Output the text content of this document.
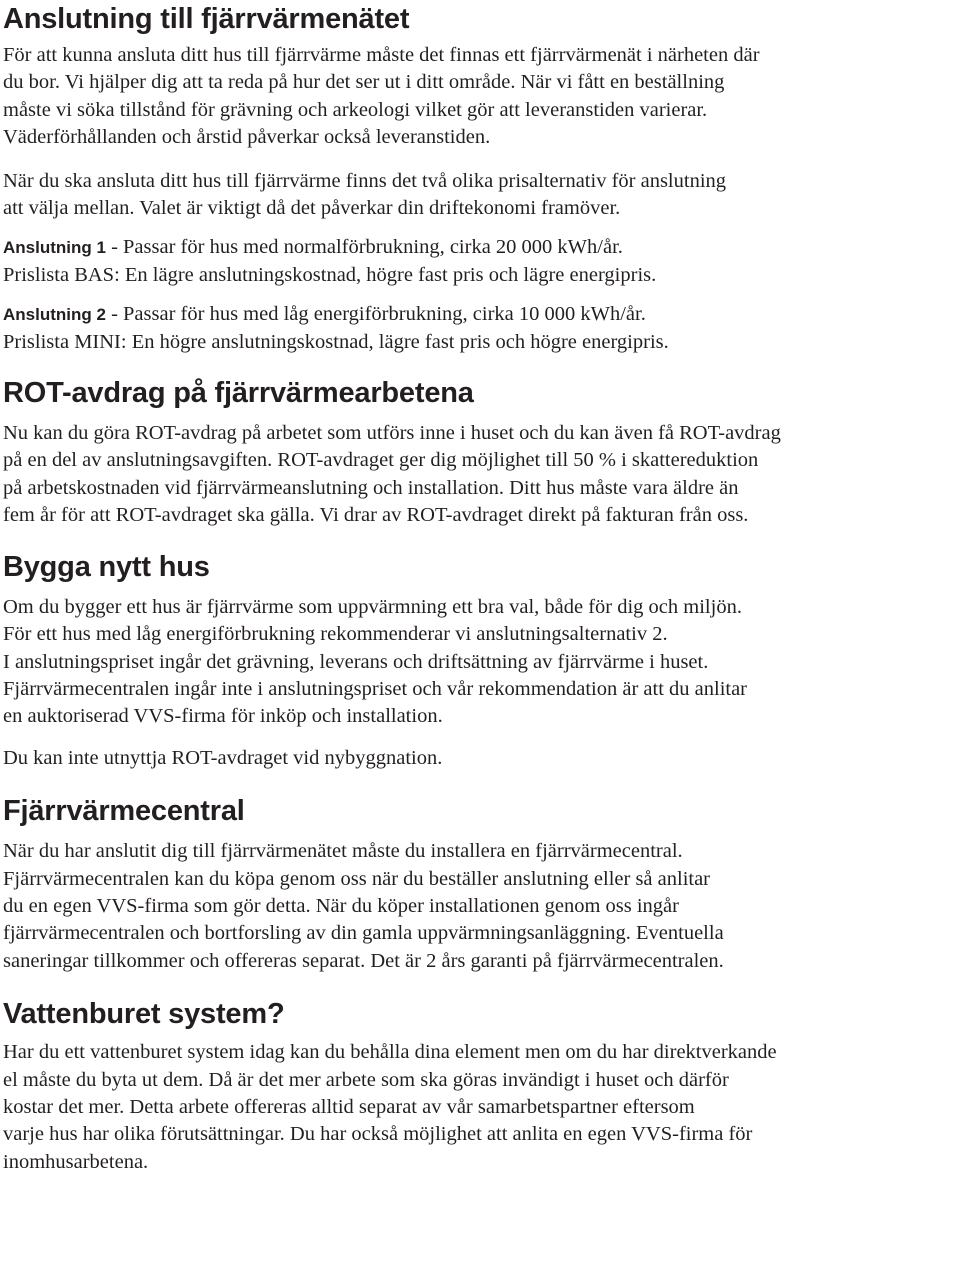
Anslutning till fjärrvärmenätet

För att kunna ansluta ditt hus till fjärrvärme måste det finnas ett fjärrvärmenät i närheten där
du bor. Vi hjälper dig att ta reda på hur det ser ut i ditt område. När vi fått en beställning
måste vi söka tillstånd för grävning och arkeologi vilket gör att leveranstiden varierar.
Väderförhållanden och årstid påverkar också leveranstiden.

När du ska ansluta ditt hus till fjärrvärme finns det två olika prisalternativ för anslutning
att välja mellan. Valet är viktigt då det påverkar din driftekonomi framöver.

Anslutning 1 - Passar för hus med normalförbrukning, cirka 20 000 kWh/år.
Prislista BAS: En lägre anslutningskostnad, högre fast pris och lägre energipris.

Anslutning 2 - Passar för hus med låg energiförbrukning, cirka 10 000 kWh/år.
Prislista MINI: En högre anslutningskostnad, lägre fast pris och högre energipris.

ROT-avdrag på fjärrvärmearbetena

Nu kan du göra ROT-avdrag på arbetet som utförs inne i huset och du kan även få ROT-avdrag
på en del av anslutningsavgiften. ROT-avdraget ger dig möjlighet till 50 % i skattereduktion
på arbetskostnaden vid fjärrvärmeanslutning och installation. Ditt hus måste vara äldre än
fem år för att ROT-avdraget ska gälla. Vi drar av ROT-avdraget direkt på fakturan från oss.

Bygga nytt hus

Om du bygger ett hus är fjärrvärme som uppvärmning ett bra val, både för dig och miljön.
För ett hus med låg energiförbrukning rekommenderar vi anslutningsalternativ 2.
I anslutningspriset ingår det grävning, leverans och driftsättning av fjärrvärme i huset.
Fjärrvärmecentralen ingår inte i anslutningspriset och vår rekommendation är att du anlitar
en auktoriserad VVS-firma för inköp och installation.

Du kan inte utnyttja ROT-avdraget vid nybyggnation.

Fjärrvärmecentral

När du har anslutit dig till fjärrvärmenätet måste du installera en fjärrvärmecentral.
Fjärrvärmecentralen kan du köpa genom oss när du beställer anslutning eller så anlitar
du en egen VVS-firma som gör detta. När du köper installationen genom oss ingår
fjärrvärmecentralen och bortforsling av din gamla uppvärmningsanläggning. Eventuella
saneringar tillkommer och offereras separat. Det är 2 års garanti på fjärrvärmecentralen.

Vattenburet system?

Har du ett vattenburet system idag kan du behålla dina element men om du har direktverkande
el måste du byta ut dem. Då är det mer arbete som ska göras invändigt i huset och därför
kostar det mer. Detta arbete offereras alltid separat av vår samarbetspartner eftersom
varje hus har olika förutsättningar. Du har också möjlighet att anlita en egen VVS-firma för
inomhusarbetena.
